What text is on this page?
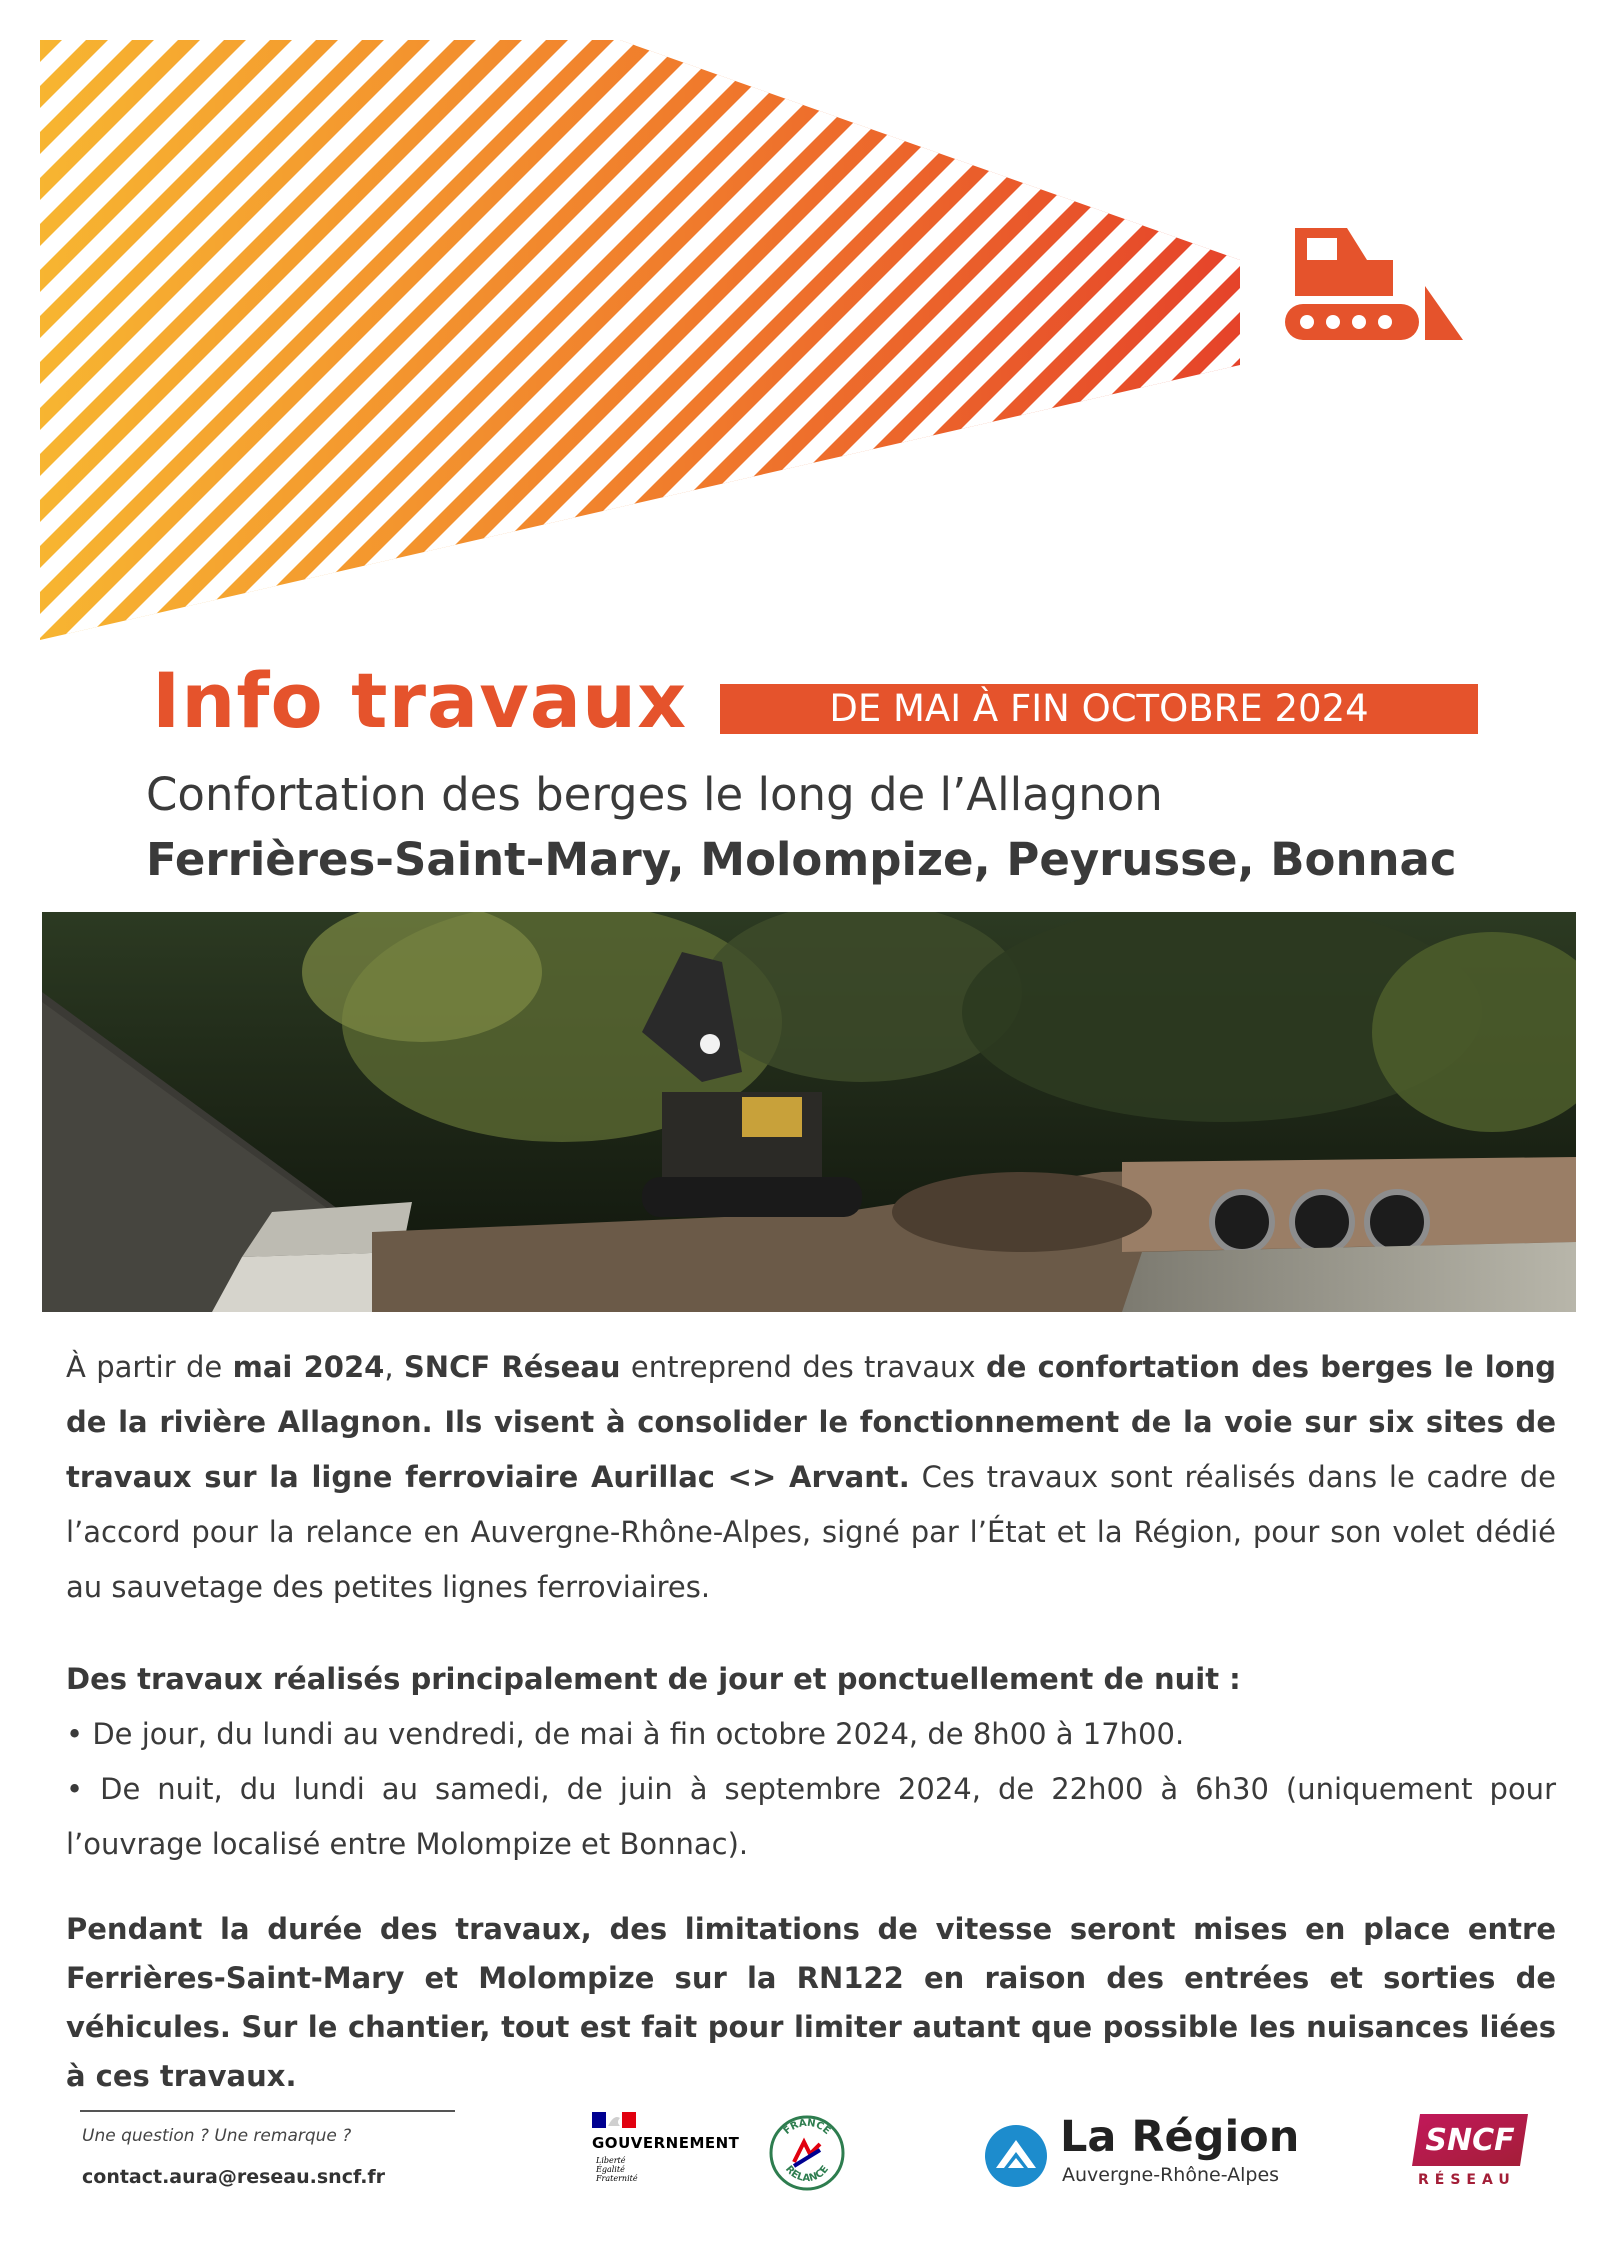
Info travaux	DE MAI À FIN OCTOBRE 2024
Confortation des berges le long de l’Allagnon
Ferrières-Saint-Mary, Molompize, Peyrusse, Bonnac
À partir de mai 2024, SNCF Réseau entreprend des travaux de confortation des berges le long de la rivière Allagnon. Ils visent à consolider le fonctionnement de la voie sur six sites de travaux sur la ligne ferroviaire Aurillac <> Arvant. Ces travaux sont réalisés dans le cadre de l’accord pour la relance en Auvergne-Rhône-Alpes, signé par l’État et la Région, pour son volet dédié au sauvetage des petites lignes ferroviaires.
Des travaux réalisés principalement de jour et ponctuellement de nuit :
• De jour, du lundi au vendredi, de mai à fin octobre 2024, de 8h00 à 17h00.
• De nuit, du lundi au samedi, de juin à septembre 2024, de 22h00 à 6h30 (uniquement pour l’ouvrage localisé entre Molompize et Bonnac).
Pendant la durée des travaux, des limitations de vitesse seront mises en place entre Ferrières-Saint-Mary et Molompize sur la RN122 en raison des entrées et sorties de véhicules. Sur le chantier, tout est fait pour limiter autant que possible les nuisances liées à ces travaux.
Une question ? Une remarque ?
contact.aura@reseau.sncf.fr
GOUVERNEMENT
Liberté
Égalité
Fraternité
FRANCE
RELANCE
La Région
Auvergne-Rhône-Alpes
SNCF
RÉSEAU
